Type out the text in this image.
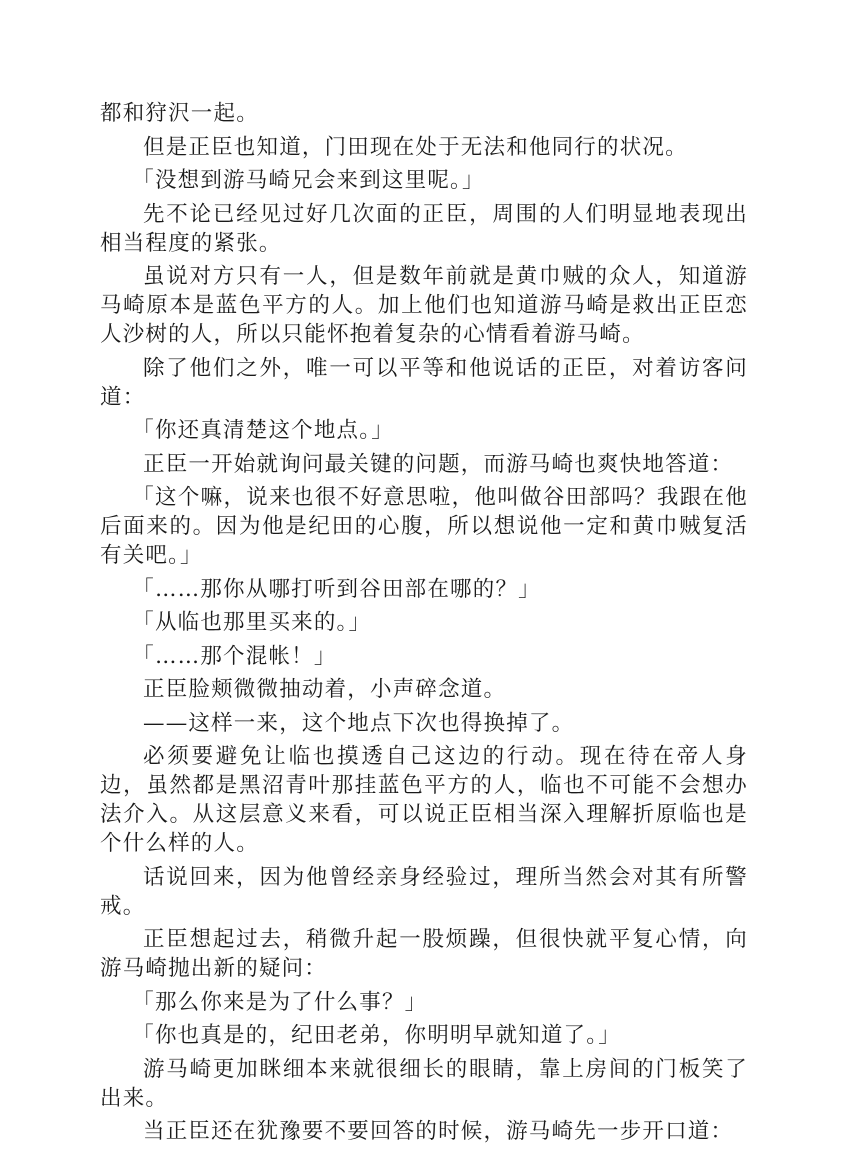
都和狩沢一起。

但是正臣也知道，门田现在处于无法和他同行的状况。

「没想到游马崎兄会来到这里呢。」

先不论已经见过好几次面的正臣，周围的人们明显地表现出相当程度的紧张。

虽说对方只有一人，但是数年前就是黄巾贼的众人，知道游马崎原本是蓝色平方的人。加上他们也知道游马崎是救出正臣恋人沙树的人，所以只能怀抱着复杂的心情看着游马崎。

除了他们之外，唯一可以平等和他说话的正臣，对着访客问道：

「你还真清楚这个地点。」

正臣一开始就询问最关键的问题，而游马崎也爽快地答道：

「这个嘛，说来也很不好意思啦，他叫做谷田部吗？我跟在他后面来的。因为他是纪田的心腹，所以想说他一定和黄巾贼复活有关吧。」

「……那你从哪打听到谷田部在哪的？」

「从临也那里买来的。」

「……那个混帐！」

正臣脸颊微微抽动着，小声碎念道。

——这样一来，这个地点下次也得换掉了。

必须要避免让临也摸透自己这边的行动。现在待在帝人身边，虽然都是黑沼青叶那挂蓝色平方的人，临也不可能不会想办法介入。从这层意义来看，可以说正臣相当深入理解折原临也是个什么样的人。

话说回来，因为他曾经亲身经验过，理所当然会对其有所警戒。

正臣想起过去，稍微升起一股烦躁，但很快就平复心情，向游马崎抛出新的疑问：

「那么你来是为了什么事？」

「你也真是的，纪田老弟，你明明早就知道了。」

游马崎更加眯细本来就很细长的眼睛，靠上房间的门板笑了出来。

当正臣还在犹豫要不要回答的时候，游马崎先一步开口道：
